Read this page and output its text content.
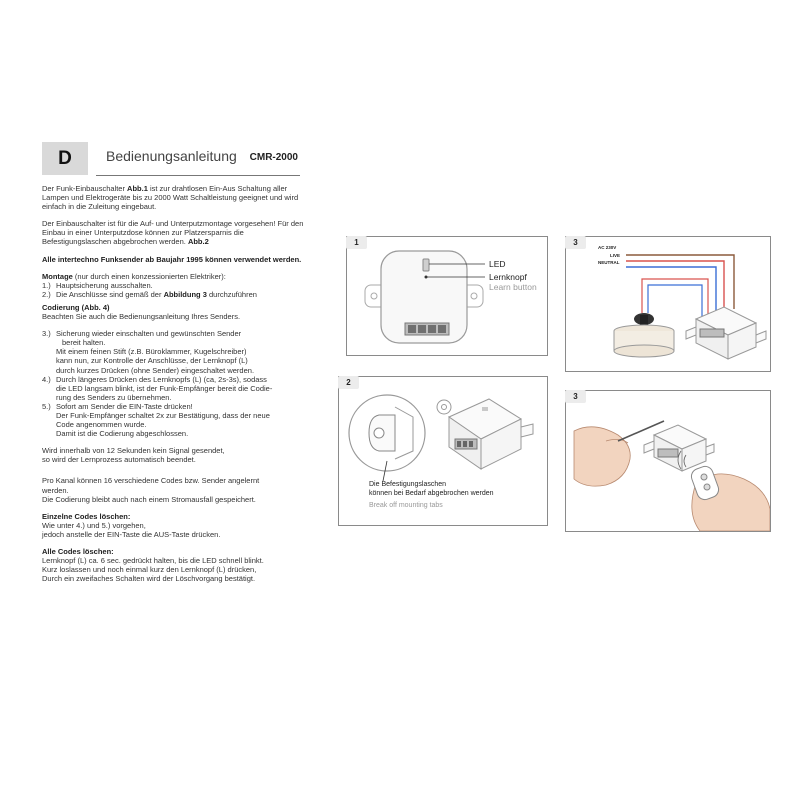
D	Bedienungsanleitung CMR-2000

Der Funk-Einbauschalter Abb.1 ist zur drahtlosen Ein-Aus Schaltung aller Lampen und Elektrogeräte bis zu 2000 Watt Schaltleistung geeignet und wird einfach in die Zuleitung eingebaut.

Der Einbauschalter ist für die Auf- und Unterputzmontage vorgesehen! Für den Einbau in einer Unterputzdose können zur Platzersparnis die Befestigungslaschen abgebrochen werden. Abb.2

Alle intertechno Funksender ab Baujahr 1995 können verwendet werden.

Montage (nur durch einen konzessionierten Elektriker):

1.) Hauptsicherung ausschalten.
2.) Die Anschlüsse sind gemäß der Abbildung 3 durchzuführen

Codierung (Abb. 4)

Beachten Sie auch die Bedienungsanleitung Ihres Senders.

3.) Sicherung wieder einschalten und gewünschten Sender
bereit halten.
Mit einem feinen Stift (z.B. Büroklammer, Kugelschreiber)
kann nun, zur Kontrolle der Anschlüsse, der Lernknopf (L)
durch kurzes Drücken (ohne Sender) eingeschaltet werden.
4.) Durch längeres Drücken des Lernknopfs (L) (ca, 2s-3s), sodass
die LED langsam blinkt, ist der Funk-Empfänger bereit die Codie-
rung des Senders zu übernehmen.
5.) Sofort am Sender die EIN-Taste drücken!
Der Funk-Empfänger schaltet 2x zur Bestätigung, dass der neue
Code angenommen wurde.
Damit ist die Codierung abgeschlossen.

Wird innerhalb von 12 Sekunden kein Signal gesendet,
so wird der Lernprozess automatisch beendet.

Pro Kanal können 16 verschiedene Codes bzw. Sender angelernt
werden.
Die Codierung bleibt auch nach einem Stromausfall gespeichert.

Einzelne Codes löschen:

Wie unter 4.) und 5.) vorgehen,
jedoch anstelle der EIN-Taste die AUS-Taste drücken.

Alle Codes löschen:

Lernknopf (L) ca. 6 sec. gedrückt halten, bis die LED schnell blinkt.
Kurz loslassen und noch einmal kurz den Lernknopf (L) drücken,
Durch ein zweifaches Schalten wird der Löschvorgang bestätigt.

1
LED
Lernknopf
Learn button
2
Die Befestigungslaschen
können bei Bedarf abgebrochen werden
Break off mounting tabs
3
AC 230V
LIVE
NEUTRAL
3
